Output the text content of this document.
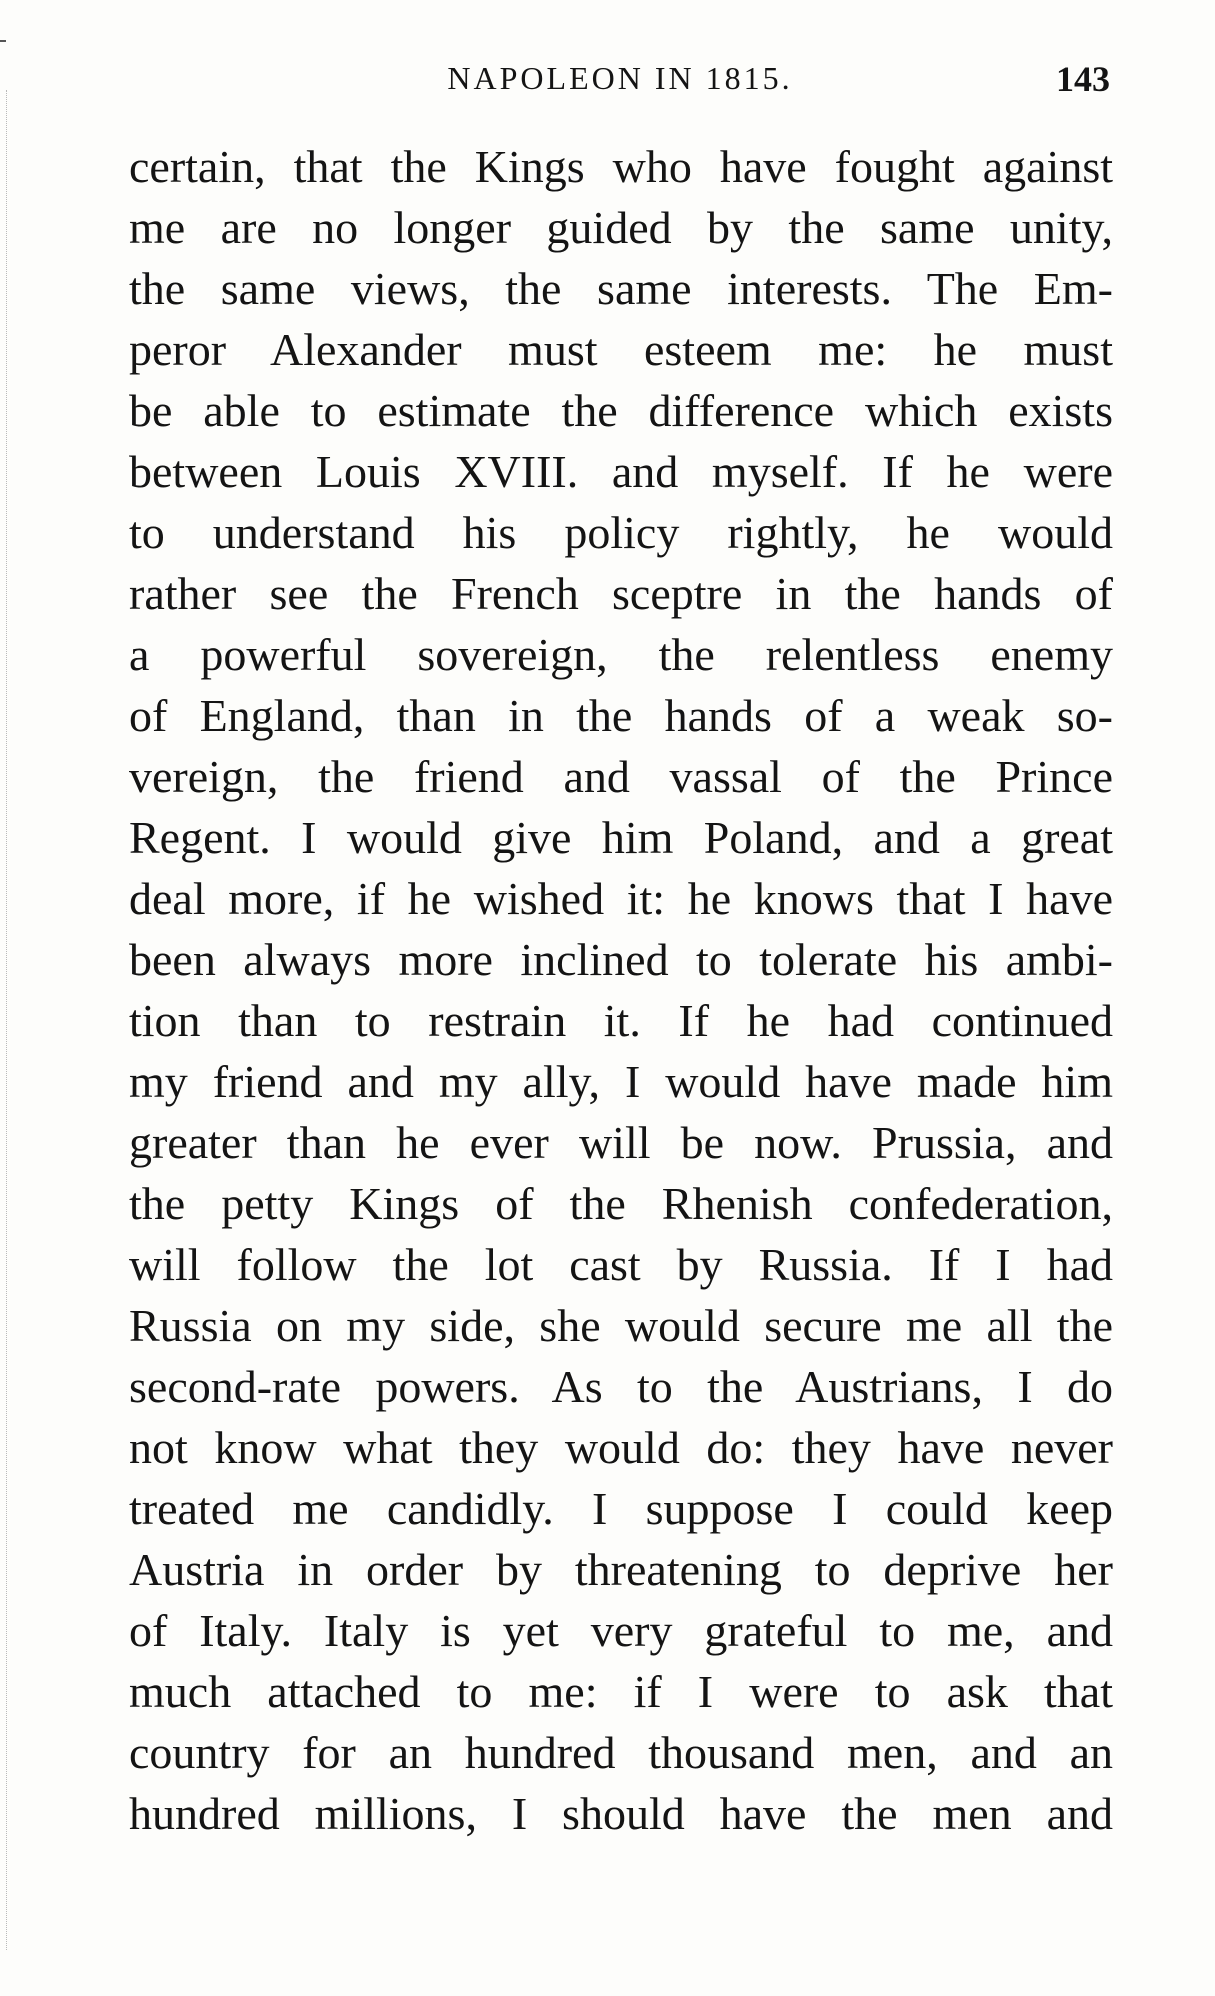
NAPOLEON IN 1815.	143
certain, that the Kings who have fought against
me are no longer guided by the same unity,
the same views, the same interests. The Em-
peror Alexander must esteem me: he must
be able to estimate the difference which exists
between Louis XVIII. and myself. If he were
to understand his policy rightly, he would
rather see the French sceptre in the hands of
a powerful sovereign, the relentless enemy
of England, than in the hands of a weak so-
vereign, the friend and vassal of the Prince
Regent. I would give him Poland, and a great
deal more, if he wished it: he knows that I have
been always more inclined to tolerate his ambi-
tion than to restrain it. If he had continued
my friend and my ally, I would have made him
greater than he ever will be now. Prussia, and
the petty Kings of the Rhenish confederation,
will follow the lot cast by Russia. If I had
Russia on my side, she would secure me all the
second-rate powers. As to the Austrians, I do
not know what they would do: they have never
treated me candidly. I suppose I could keep
Austria in order by threatening to deprive her
of Italy. Italy is yet very grateful to me, and
much attached to me: if I were to ask that
country for an hundred thousand men, and an
hundred millions, I should have the men and
